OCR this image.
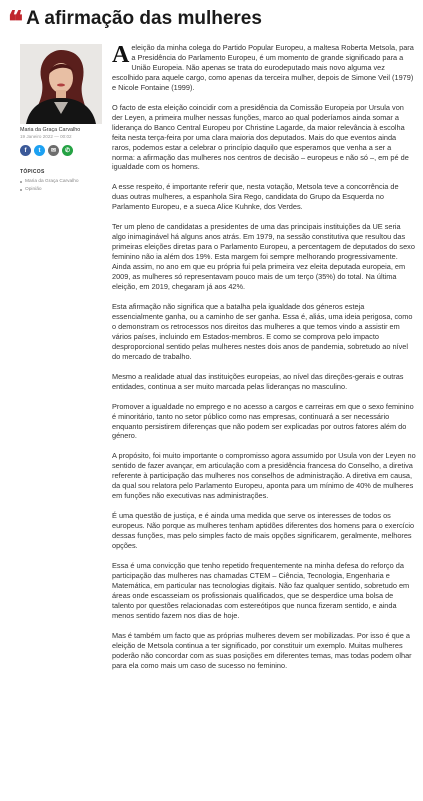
❝ A afirmação das mulheres
Maria da Graça Carvalho
19 Janeiro 2022 — 00:02
f	t	✉	✆
TÓPICOS
Maria da Graça Carvalho
Opinião

A eleição da minha colega do Partido Popular Europeu, a maltesa Roberta Metsola, para a Presidência do Parlamento Europeu, é um momento de grande significado para a União Europeia. Não apenas se trata do eurodeputado mais novo alguma vez escolhido para aquele cargo, como apenas da terceira mulher, depois de Simone Veil (1979) e Nicole Fontaine (1999).

O facto de esta eleição coincidir com a presidência da Comissão Europeia por Ursula von der Leyen, a primeira mulher nessas funções, marco ao qual poderíamos ainda somar a liderança do Banco Central Europeu por Christine Lagarde, da maior relevância à escolha feita nesta terça-feira por uma clara maioria dos deputados. Mais do que eventos ainda raros, podemos estar a celebrar o princípio daquilo que esperamos que venha a ser a norma: a afirmação das mulheres nos centros de decisão – europeus e não só –, em pé de igualdade com os homens.

A esse respeito, é importante referir que, nesta votação, Metsola teve a concorrência de duas outras mulheres, a espanhola Sira Rego, candidata do Grupo da Esquerda no Parlamento Europeu, e a sueca Alice Kuhnke, dos Verdes.

Ter um pleno de candidatas a presidentes de uma das principais instituições da UE seria algo inimaginável há alguns anos atrás. Em 1979, na sessão constitutiva que resultou das primeiras eleições diretas para o Parlamento Europeu, a percentagem de deputados do sexo feminino não ia além dos 19%. Esta margem foi sempre melhorando progressivamente. Ainda assim, no ano em que eu própria fui pela primeira vez eleita deputada europeia, em 2009, as mulheres só representavam pouco mais de um terço (35%) do total. Na última eleição, em 2019, chegaram já aos 42%.

Esta afirmação não significa que a batalha pela igualdade dos géneros esteja essencialmente ganha, ou a caminho de ser ganha. Essa é, aliás, uma ideia perigosa, como o demonstram os retrocessos nos direitos das mulheres a que temos vindo a assistir em vários países, incluindo em Estados-membros. E como se comprova pelo impacto desproporcional sentido pelas mulheres nestes dois anos de pandemia, sobretudo ao nível do mercado de trabalho.

Mesmo a realidade atual das instituições europeias, ao nível das direções-gerais e outras entidades, continua a ser muito marcada pelas lideranças no masculino.

Promover a igualdade no emprego e no acesso a cargos e carreiras em que o sexo feminino é minoritário, tanto no setor público como nas empresas, continuará a ser necessário enquanto persistirem diferenças que não podem ser explicadas por outros fatores além do género.

A propósito, foi muito importante o compromisso agora assumido por Usula von der Leyen no sentido de fazer avançar, em articulação com a presidência francesa do Conselho, a diretiva referente à participação das mulheres nos conselhos de administração. A diretiva em causa, da qual sou relatora pelo Parlamento Europeu, aponta para um mínimo de 40% de mulheres em funções não executivas nas administrações.

É uma questão de justiça, e é ainda uma medida que serve os interesses de todos os europeus. Não porque as mulheres tenham aptidões diferentes dos homens para o exercício dessas funções, mas pelo simples facto de mais opções significarem, geralmente, melhores opções.

Essa é uma convicção que tenho repetido frequentemente na minha defesa do reforço da participação das mulheres nas chamadas CTEM – Ciência, Tecnologia, Engenharia e Matemática, em particular nas tecnologias digitais. Não faz qualquer sentido, sobretudo em áreas onde escasseiam os profissionais qualificados, que se desperdice uma bolsa de talento por questões relacionadas com estereótipos que nunca fizeram sentido, e ainda menos sentido fazem nos dias de hoje.

Mas é também um facto que as próprias mulheres devem ser mobilizadas. Por isso é que a eleição de Metsola continua a ter significado, por constituir um exemplo. Muitas mulheres poderão não concordar com as suas posições em diferentes temas, mas todas podem olhar para ela como mais um caso de sucesso no feminino.
